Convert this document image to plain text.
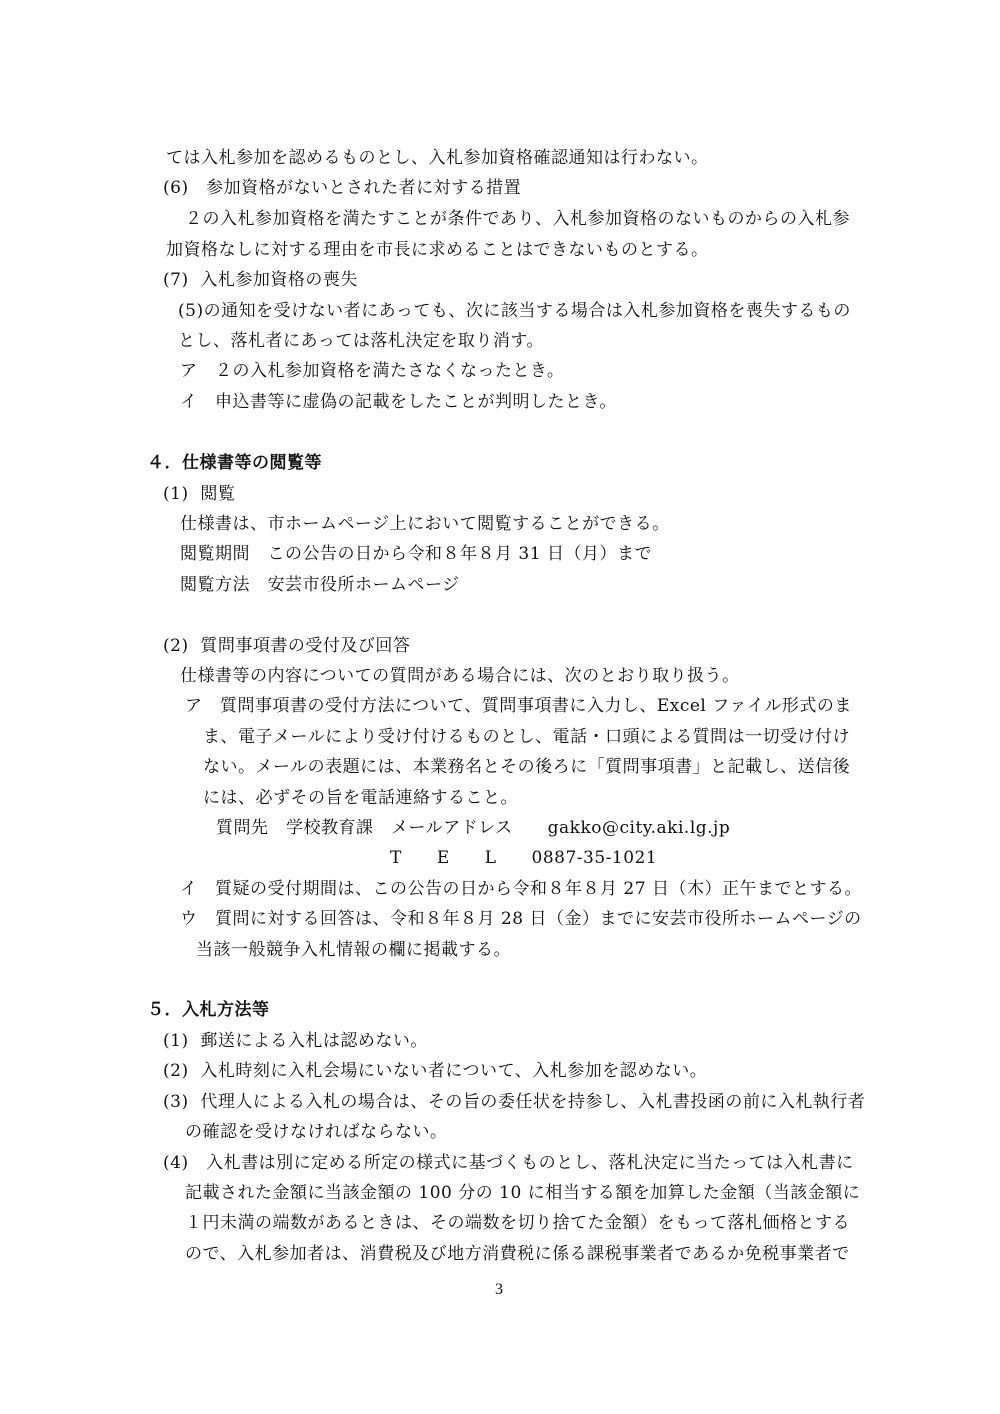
ては入札参加を認めるものとし、入札参加資格確認通知は行わない。
(6)　参加資格がないとされた者に対する措置
２の入札参加資格を満たすことが条件であり、入札参加資格のないものからの入札参
加資格なしに対する理由を市長に求めることはできないものとする。
(7)  入札参加資格の喪失
(5)の通知を受けない者にあっても、次に該当する場合は入札参加資格を喪失するもの
とし、落札者にあっては落札決定を取り消す。
ア　２の入札参加資格を満たさなくなったとき。
イ　申込書等に虚偽の記載をしたことが判明したとき。
４．仕様書等の閲覧等
(1)  閲覧
仕様書は、市ホームページ上において閲覧することができる。
閲覧期間　この公告の日から令和８年８月 31 日（月）まで
閲覧方法　安芸市役所ホームページ
(2)  質問事項書の受付及び回答
仕様書等の内容についての質問がある場合には、次のとおり取り扱う。
ア　質問事項書の受付方法について、質問事項書に入力し、Excel ファイル形式のま
ま、電子メールにより受け付けるものとし、電話・口頭による質問は一切受け付け
ない。メールの表題には、本業務名とその後ろに「質問事項書」と記載し、送信後
には、必ずその旨を電話連絡すること。
質問先　学校教育課　メールアドレス　　gakko@city.aki.lg.jp
T　　E　　L　　0887-35-1021
イ　質疑の受付期間は、この公告の日から令和８年８月 27 日（木）正午までとする。
ウ　質問に対する回答は、令和８年８月 28 日（金）までに安芸市役所ホームページの
当該一般競争入札情報の欄に掲載する。
５．入札方法等
(1)  郵送による入札は認めない。
(2)  入札時刻に入札会場にいない者について、入札参加を認めない。
(3)  代理人による入札の場合は、その旨の委任状を持参し、入札書投函の前に入札執行者
の確認を受けなければならない。
(4)　入札書は別に定める所定の様式に基づくものとし、落札決定に当たっては入札書に
記載された金額に当該金額の 100 分の 10 に相当する額を加算した金額（当該金額に
１円未満の端数があるときは、その端数を切り捨てた金額）をもって落札価格とする
ので、入札参加者は、消費税及び地方消費税に係る課税事業者であるか免税事業者で
3
